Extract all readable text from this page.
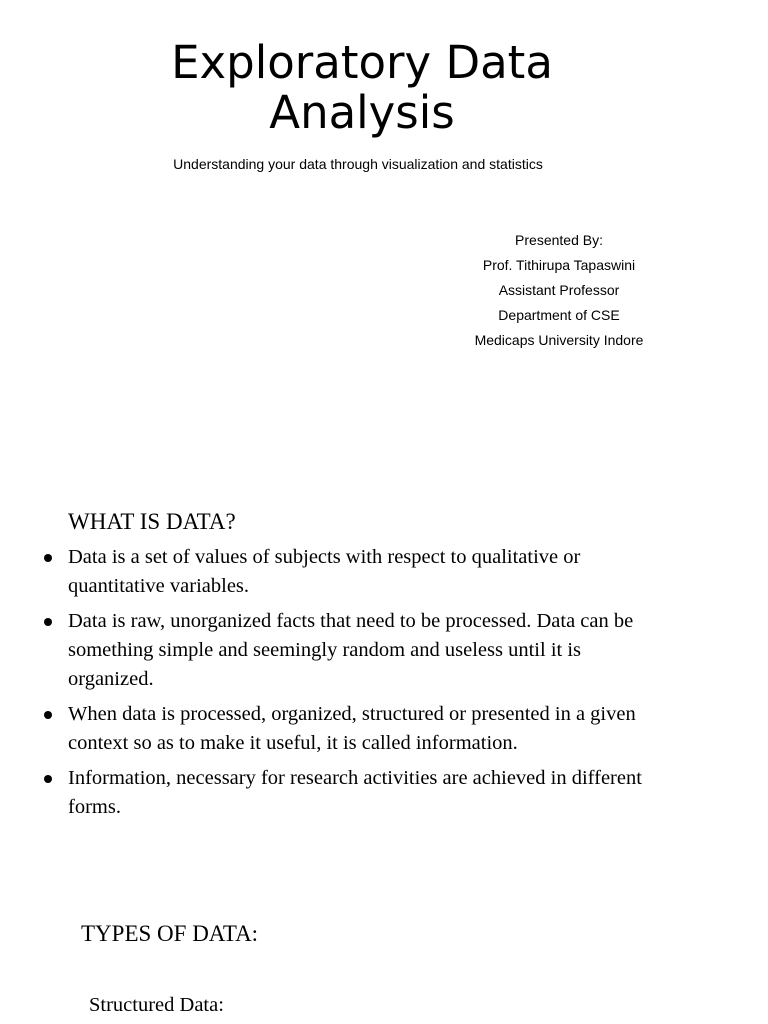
Exploratory Data
Analysis
Understanding your data through visualization and statistics
Presented By:
Prof. Tithirupa Tapaswini
Assistant Professor
Department of CSE
Medicaps University Indore
WHAT IS DATA?
Data is a set of values of subjects with respect to qualitative or quantitative variables.
Data is raw, unorganized facts that need to be processed. Data can be something simple and seemingly random and useless until it is organized.
When data is processed, organized, structured or presented in a given context so as to make it useful, it is called information.
Information, necessary for research activities are achieved in different forms.
TYPES OF DATA:
Structured Data:
